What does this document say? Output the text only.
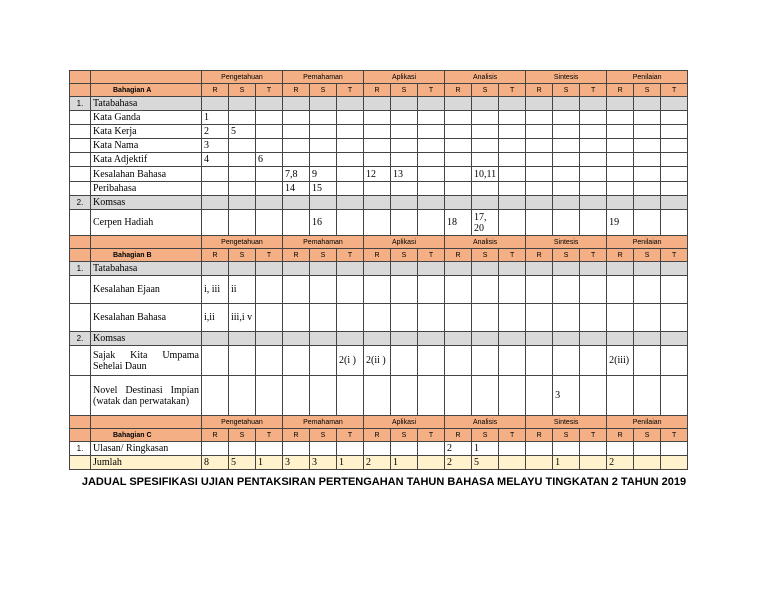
		Pengetahuan			Pemahaman			Aplikasi			Analisis			Sintesis			Penilaian		
	Bahagian A	R	S	T	R	S	T	R	S	T	R	S	T	R	S	T	R	S	T
1.	Tatabahasa																		
	Kata Ganda	1																	
	Kata Kerja	2	5																
	Kata Nama	3																	
	Kata Adjektif	4		6															
	Kesalahan Bahasa				7,8	9		12	13			10,11							
	Peribahasa				14	15													
2.	Komsas																		
	Cerpen Hadiah					16					18	17, 20					19		
		Pengetahuan			Pemahaman			Aplikasi			Analisis			Sintesis			Penilaian		
	Bahagian B	R	S	T	R	S	T	R	S	T	R	S	T	R	S	T	R	S	T
1.	Tatabahasa																		
	Kesalahan Ejaan	i, iii	ii																
	Kesalahan Bahasa	i,ii	iii,i v																
2.	Komsas																		
	Sajak Kita Umpama Sehelai Daun						2(i )	2(ii )									2(iii)		
	Novel Destinasi Impian (watak dan perwatakan)														3				
		Pengetahuan			Pemahaman			Aplikasi			Analisis			Sintesis			Penilaian		
	Bahagian C	R	S	T	R	S	T	R	S	T	R	S	T	R	S	T	R	S	T
1.	Ulasan/ Ringkasan										2	1							
	Jumlah	8	5	1	3	3	1	2	1		2	5			1		2		
JADUAL SPESIFIKASI UJIAN PENTAKSIRAN PERTENGAHAN TAHUN BAHASA MELAYU TINGKATAN 2 TAHUN 2019
